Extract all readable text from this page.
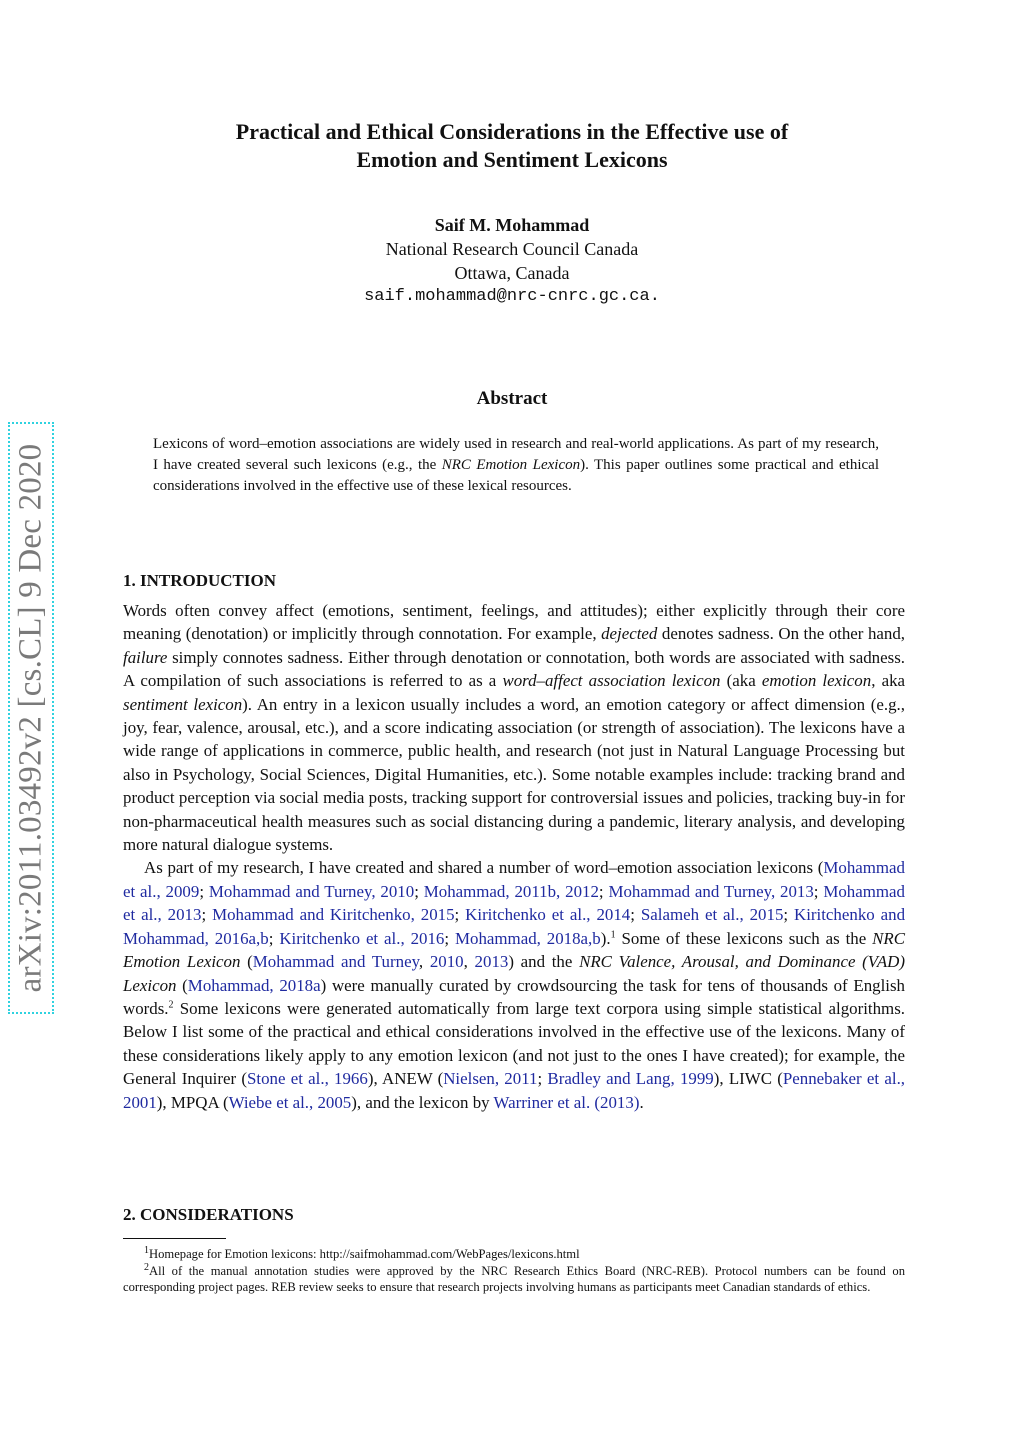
arXiv:2011.03492v2 [cs.CL] 9 Dec 2020
Practical and Ethical Considerations in the Effective use of
Emotion and Sentiment Lexicons
Saif M. Mohammad
National Research Council Canada
Ottawa, Canada
saif.mohammad@nrc-cnrc.gc.ca.
Abstract
Lexicons of word–emotion associations are widely used in research and real-world applications. As part of my research, I have created several such lexicons (e.g., the NRC Emotion Lexicon). This paper outlines some practical and ethical considerations involved in the effective use of these lexical resources.
1. INTRODUCTION

Words often convey affect (emotions, sentiment, feelings, and attitudes); either explicitly through their core meaning (denotation) or implicitly through connotation. For example, dejected denotes sadness. On the other hand, failure simply connotes sadness. Either through denotation or connotation, both words are associated with sadness. A compilation of such associations is referred to as a word–affect association lexicon (aka emotion lexicon, aka sentiment lexicon). An entry in a lexicon usually includes a word, an emotion category or affect dimension (e.g., joy, fear, valence, arousal, etc.), and a score indicating association (or strength of association). The lexicons have a wide range of applications in commerce, public health, and research (not just in Natural Language Processing but also in Psychology, Social Sciences, Digital Humanities, etc.). Some notable examples include: tracking brand and product perception via social media posts, tracking support for controversial issues and policies, tracking buy-in for non-pharmaceutical health measures such as social distancing during a pandemic, literary analysis, and developing more natural dialogue systems.

As part of my research, I have created and shared a number of word–emotion association lexicons (Mohammad et al., 2009; Mohammad and Turney, 2010; Mohammad, 2011b, 2012; Mohammad and Turney, 2013; Mohammad et al., 2013; Mohammad and Kiritchenko, 2015; Kiritchenko et al., 2014; Salameh et al., 2015; Kiritchenko and Mohammad, 2016a,b; Kiritchenko et al., 2016; Mohammad, 2018a,b).$^1$ Some of these lexicons such as the NRC Emotion Lexicon (Mohammad and Turney, 2010, 2013) and the NRC Valence, Arousal, and Dominance (VAD) Lexicon (Mohammad, 2018a) were manually curated by crowdsourcing the task for tens of thousands of English words.$^2$ Some lexicons were generated automatically from large text corpora using simple statistical algorithms. Below I list some of the practical and ethical considerations involved in the effective use of the lexicons. Many of these considerations likely apply to any emotion lexicon (and not just to the ones I have created); for example, the General Inquirer (Stone et al., 1966), ANEW (Nielsen, 2011; Bradley and Lang, 1999), LIWC (Pennebaker et al., 2001), MPQA (Wiebe et al., 2005), and the lexicon by Warriner et al. (2013).

2. CONSIDERATIONS

$^1$Homepage for Emotion lexicons: http://saifmohammad.com/WebPages/lexicons.html

$^2$All of the manual annotation studies were approved by the NRC Research Ethics Board (NRC-REB). Protocol numbers can be found on corresponding project pages. REB review seeks to ensure that research projects involving humans as participants meet Canadian standards of ethics.
